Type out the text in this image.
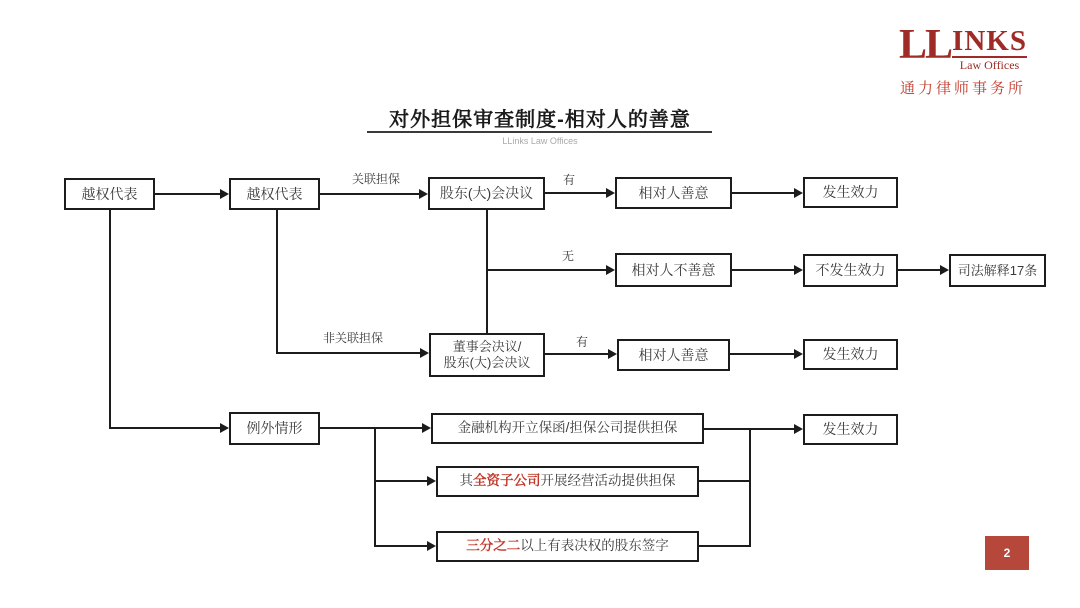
LL INKS
Law Offices
通力律师事务所
对外担保审查制度-相对人的善意
LLinks Law Offices
越权代表	越权代表	股东(大)会决议	相对人善意	发生效力
相对人不善意	不发生效力	司法解释17条
董事会决议/
股东(大)会决议	相对人善意	发生效力
例外情形	金融机构开立保函/担保公司提供担保
其 全资子公司 开展经营活动提供担保
三分之二 以上有表决权的股东签字
发生效力
关联担保	有
无
非关联担保	有
2
